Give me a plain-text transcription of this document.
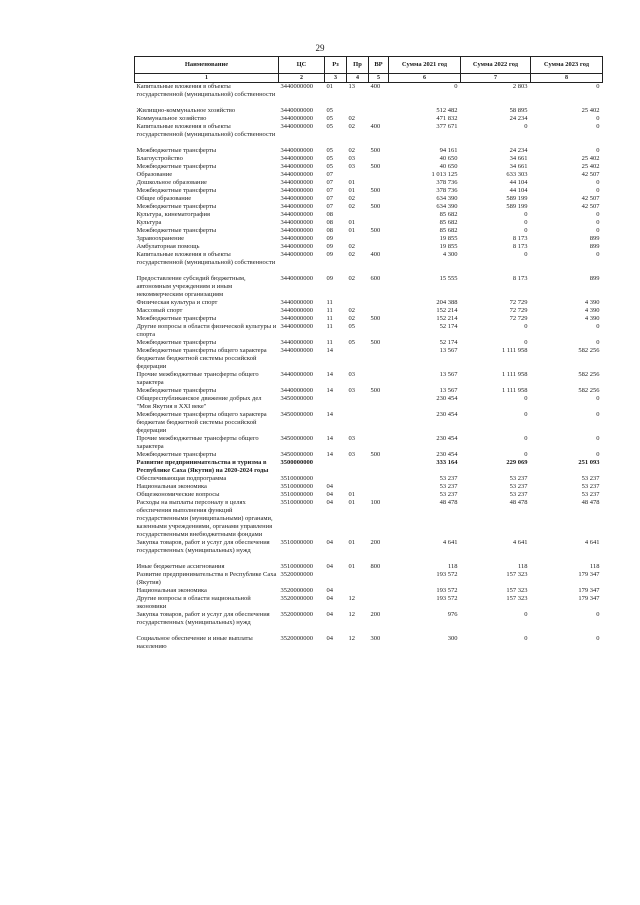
29
Наименование	ЦС	Рз	Пр	ВР	Сумма 2021 год	Сумма 2022 год	Сумма 2023 год
1	2	3	4	5	6	7	8
Капитальные вложения в объекты государственной (муниципальной) собственности	3440000000	01	13	400	0	2 803	0
Жилищно-коммунальное хозяйство	3440000000	05			512 482	58 895	25 402
Коммунальное хозяйство	3440000000	05	02		471 832	24 234	0
Капитальные вложения в объекты государственной (муниципальной) собственности	3440000000	05	02	400	377 671	0	0
Межбюджетные трансферты	3440000000	05	02	500	94 161	24 234	0
Благоустройство	3440000000	05	03		40 650	34 661	25 402
Межбюджетные трансферты	3440000000	05	03	500	40 650	34 661	25 402
Образование	3440000000	07			1 013 125	633 303	42 507
Дошкольное образование	3440000000	07	01		378 736	44 104	0
Межбюджетные трансферты	3440000000	07	01	500	378 736	44 104	0
Общее образование	3440000000	07	02		634 390	589 199	42 507
Межбюджетные трансферты	3440000000	07	02	500	634 390	589 199	42 507
Культура, кинематография	3440000000	08			85 682	0	0
Культура	3440000000	08	01		85 682	0	0
Межбюджетные трансферты	3440000000	08	01	500	85 682	0	0
Здравоохранение	3440000000	09			19 855	8 173	899
Амбулаторная помощь	3440000000	09	02		19 855	8 173	899
Капитальные вложения в объекты государственной (муниципальной) собственности	3440000000	09	02	400	4 300	0	0
Предоставление субсидий бюджетным, автономным учреждениям и иным некоммерческим организациям	3440000000	09	02	600	15 555	8 173	899
Физическая культура и спорт	3440000000	11			204 388	72 729	4 390
Массовый спорт	3440000000	11	02		152 214	72 729	4 390
Межбюджетные трансферты	3440000000	11	02	500	152 214	72 729	4 390
Другие вопросы в области физической культуры и спорта	3440000000	11	05		52 174	0	0
Межбюджетные трансферты	3440000000	11	05	500	52 174	0	0
Межбюджетные трансферты общего характера бюджетам бюджетной системы российской федерации	3440000000	14			13 567	1 111 958	582 256
Прочие межбюджетные трансферты общего характера	3440000000	14	03		13 567	1 111 958	582 256
Межбюджетные трансферты	3440000000	14	03	500	13 567	1 111 958	582 256
Общереспубликанское движение добрых дел "Моя Якутия в XXI веке"	3450000000				230 454	0	0
Межбюджетные трансферты общего характера бюджетам бюджетной системы российской федерации	3450000000	14			230 454	0	0
Прочие межбюджетные трансферты общего характера	3450000000	14	03		230 454	0	0
Межбюджетные трансферты	3450000000	14	03	500	230 454	0	0
Развитие предпринимательства и туризма в Республике Саха (Якутия) на 2020-2024 годы	3500000000				333 164	229 069	251 093
Обеспечивающая подпрограмма	3510000000				53 237	53 237	53 237
Национальная экономика	3510000000	04			53 237	53 237	53 237
Общеэкономические вопросы	3510000000	04	01		53 237	53 237	53 237
Расходы на выплаты персоналу в целях обеспечения выполнения функций государственными (муниципальными) органами, казенными учреждениями, органами управления государственными внебюджетными фондами	3510000000	04	01	100	48 478	48 478	48 478
Закупка товаров, работ и услуг для обеспечения государственных (муниципальных) нужд	3510000000	04	01	200	4 641	4 641	4 641
Иные бюджетные ассигнования	3510000000	04	01	800	118	118	118
Развитие предпринимательства в Республике Саха (Якутия)	3520000000				193 572	157 323	179 347
Национальная экономика	3520000000	04			193 572	157 323	179 347
Другие вопросы в области национальной экономики	3520000000	04	12		193 572	157 323	179 347
Закупка товаров, работ и услуг для обеспечения государственных (муниципальных) нужд	3520000000	04	12	200	976	0	0
Социальное обеспечение и иные выплаты населению	3520000000	04	12	300	300	0	0
